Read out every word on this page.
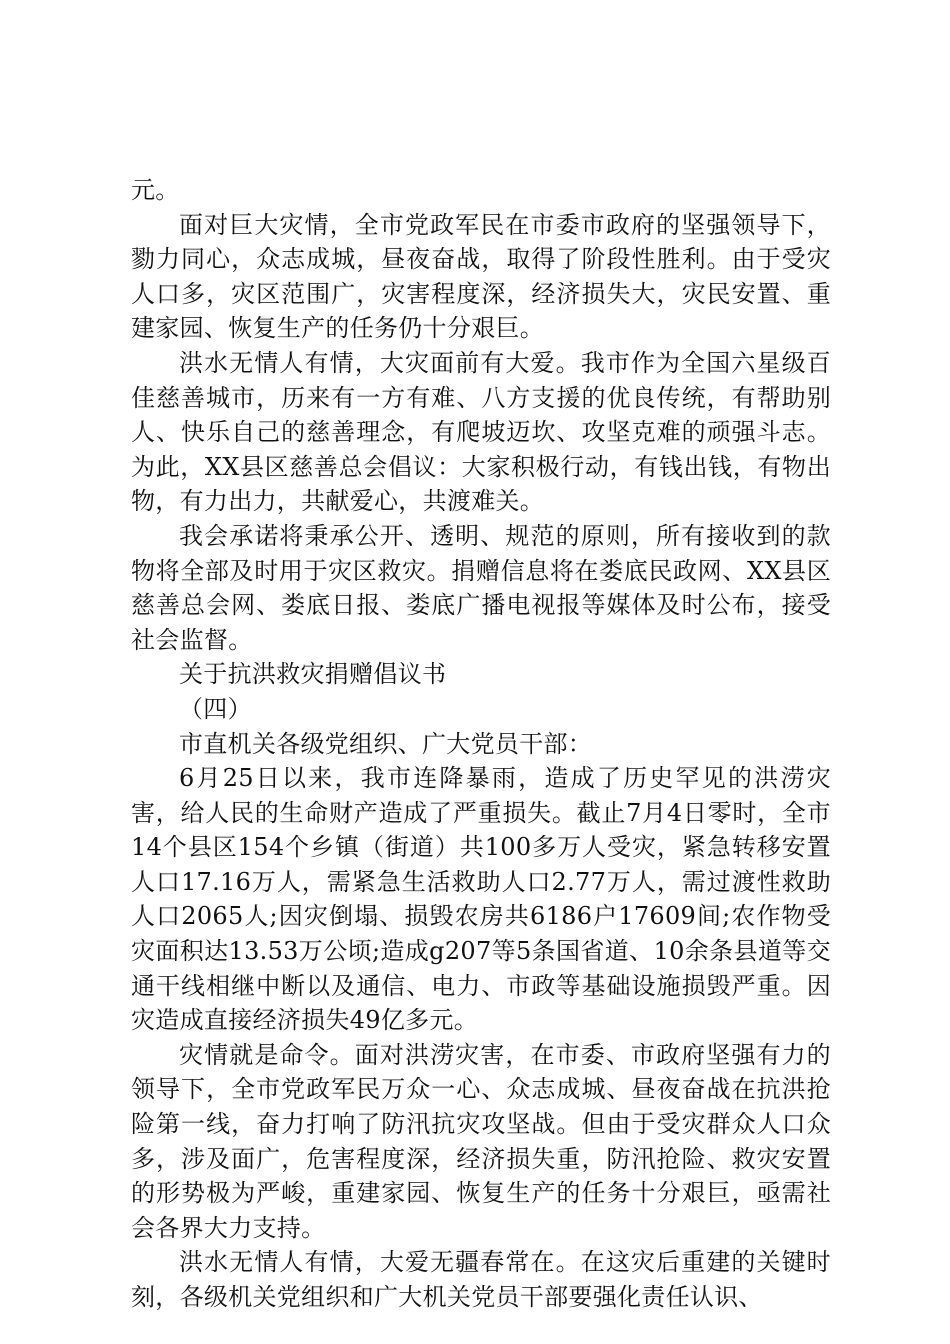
元。

面对巨大灾情，全市党政军民在市委市政府的坚强领导下，勠力同心，众志成城，昼夜奋战，取得了阶段性胜利。由于受灾人口多，灾区范围广，灾害程度深，经济损失大，灾民安置、重建家园、恢复生产的任务仍十分艰巨。

洪水无情人有情，大灾面前有大爱。我市作为全国六星级百佳慈善城市，历来有一方有难、八方支援的优良传统，有帮助别人、快乐自己的慈善理念，有爬坡迈坎、攻坚克难的顽强斗志。为此，XX县区慈善总会倡议：大家积极行动，有钱出钱，有物出物，有力出力，共献爱心，共渡难关。

我会承诺将秉承公开、透明、规范的原则，所有接收到的款物将全部及时用于灾区救灾。捐赠信息将在娄底民政网、XX县区慈善总会网、娄底日报、娄底广播电视报等媒体及时公布，接受社会监督。

关于抗洪救灾捐赠倡议书

（四）

市直机关各级党组织、广大党员干部：

6月25日以来，我市连降暴雨，造成了历史罕见的洪涝灾害，给人民的生命财产造成了严重损失。截止7月4日零时，全市14个县区154个乡镇（街道）共100多万人受灾，紧急转移安置人口17.16万人，需紧急生活救助人口2.77万人，需过渡性救助人口2065人;因灾倒塌、损毁农房共6186户17609间;农作物受灾面积达13.53万公顷;造成g207等5条国省道、10余条县道等交通干线相继中断以及通信、电力、市政等基础设施损毁严重。因灾造成直接经济损失49亿多元。

灾情就是命令。面对洪涝灾害，在市委、市政府坚强有力的领导下，全市党政军民万众一心、众志成城、昼夜奋战在抗洪抢险第一线，奋力打响了防汛抗灾攻坚战。但由于受灾群众人口众多，涉及面广，危害程度深，经济损失重，防汛抢险、救灾安置的形势极为严峻，重建家园、恢复生产的任务十分艰巨，亟需社会各界大力支持。

洪水无情人有情，大爱无疆春常在。在这灾后重建的关键时刻，各级机关党组织和广大机关党员干部要强化责任认识、
